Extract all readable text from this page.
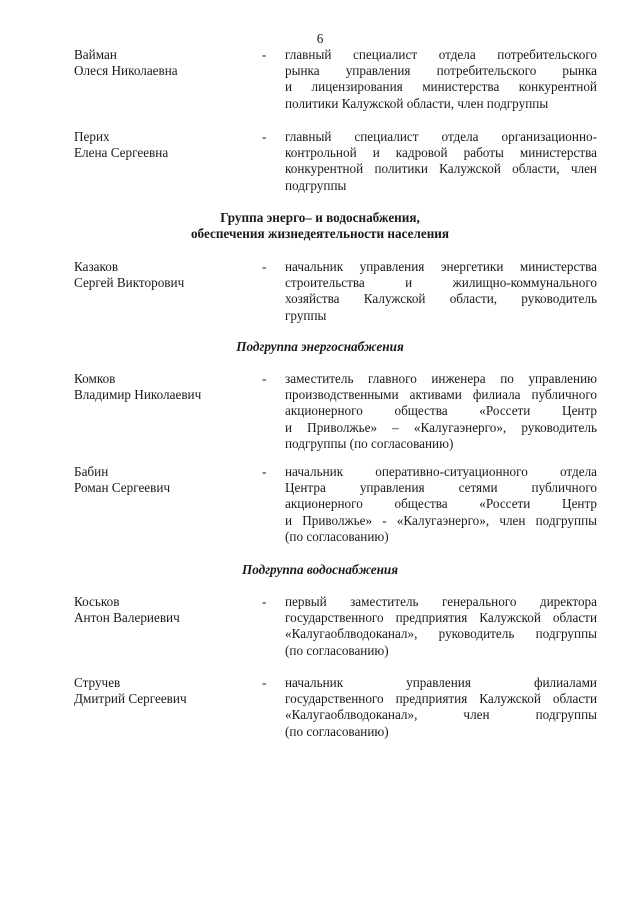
6
Вайман
Олеся Николаевна
- главный специалист отдела потребительского
рынка управления потребительского рынка
и лицензирования министерства конкурентной
политики Калужской области, член подгруппы
Перих
Елена Сергеевна
- главный специалист отдела организационно-
контрольной и кадровой работы министерства
конкурентной политики Калужской области, член
подгруппы
Группа энерго– и водоснабжения,
обеспечения жизнедеятельности населения
Казаков
Сергей Викторович
- начальник управления энергетики министерства
строительства и жилищно-коммунального
хозяйства Калужской области, руководитель
группы
Подгруппа энергоснабжения
Комков
Владимир Николаевич
- заместитель главного инженера по управлению
производственными активами филиала публичного
акционерного общества «Россети Центр
и Приволжье» – «Калугаэнерго», руководитель
подгруппы (по согласованию)
Бабин
Роман Сергеевич
- начальник оперативно-ситуационного отдела
Центра управления сетями публичного
акционерного общества «Россети Центр
и Приволжье» - «Калугаэнерго», член подгруппы
(по согласованию)
Подгруппа водоснабжения
Коськов
Антон Валериевич
- первый заместитель генерального директора
государственного предприятия Калужской области
«Калугаоблводоканал», руководитель подгруппы
(по согласованию)
Стручев
Дмитрий Сергеевич
- начальник управления филиалами
государственного предприятия Калужской области
«Калугаоблводоканал», член подгруппы
(по согласованию)
